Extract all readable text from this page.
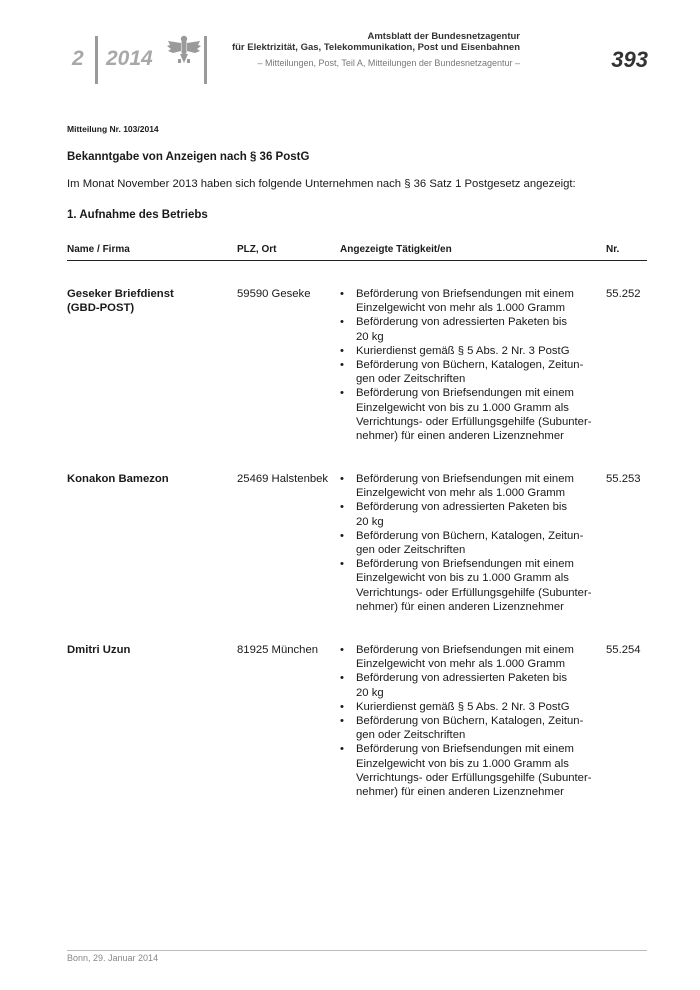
2 2014
Amtsblatt der Bundesnetzagentur
für Elektrizität, Gas, Telekommunikation, Post und Eisenbahnen
– Mitteilungen, Post, Teil A, Mitteilungen der Bundesnetzagentur –	393
Mitteilung Nr. 103/2014
Bekanntgabe von Anzeigen nach § 36 PostG
Im Monat November 2013 haben sich folgende Unternehmen nach § 36 Satz 1 Postgesetz angezeigt:
1. Aufnahme des Betriebs
Name / Firma	PLZ, Ort	Angezeigte Tätigkeit/en	Nr.
Geseker Briefdienst
(GBD-POST)
59590 Geseke	• Beförderung von Briefsendungen mit einem
Einzelgewicht von mehr als 1.000 Gramm
• Beförderung von adressierten Paketen bis
20 kg
• Kurierdienst gemäß § 5 Abs. 2 Nr. 3 PostG
• Beförderung von Büchern, Katalogen, Zeitun-
gen oder Zeitschriften
• Beförderung von Briefsendungen mit einem
Einzelgewicht von bis zu 1.000 Gramm als
Verrichtungs- oder Erfüllungsgehilfe (Subunter-
nehmer) für einen anderen Lizenznehmer
55.252
Konakon Bamezon	25469 Halstenbek	• Beförderung von Briefsendungen mit einem
Einzelgewicht von mehr als 1.000 Gramm
• Beförderung von adressierten Paketen bis
20 kg
• Beförderung von Büchern, Katalogen, Zeitun-
gen oder Zeitschriften
• Beförderung von Briefsendungen mit einem
Einzelgewicht von bis zu 1.000 Gramm als
Verrichtungs- oder Erfüllungsgehilfe (Subunter-
nehmer) für einen anderen Lizenznehmer
55.253
Dmitri Uzun	81925 München	• Beförderung von Briefsendungen mit einem
Einzelgewicht von mehr als 1.000 Gramm
• Beförderung von adressierten Paketen bis
20 kg
• Kurierdienst gemäß § 5 Abs. 2 Nr. 3 PostG
• Beförderung von Büchern, Katalogen, Zeitun-
gen oder Zeitschriften
• Beförderung von Briefsendungen mit einem
Einzelgewicht von bis zu 1.000 Gramm als
Verrichtungs- oder Erfüllungsgehilfe (Subunter-
nehmer) für einen anderen Lizenznehmer
55.254
Bonn, 29. Januar 2014
